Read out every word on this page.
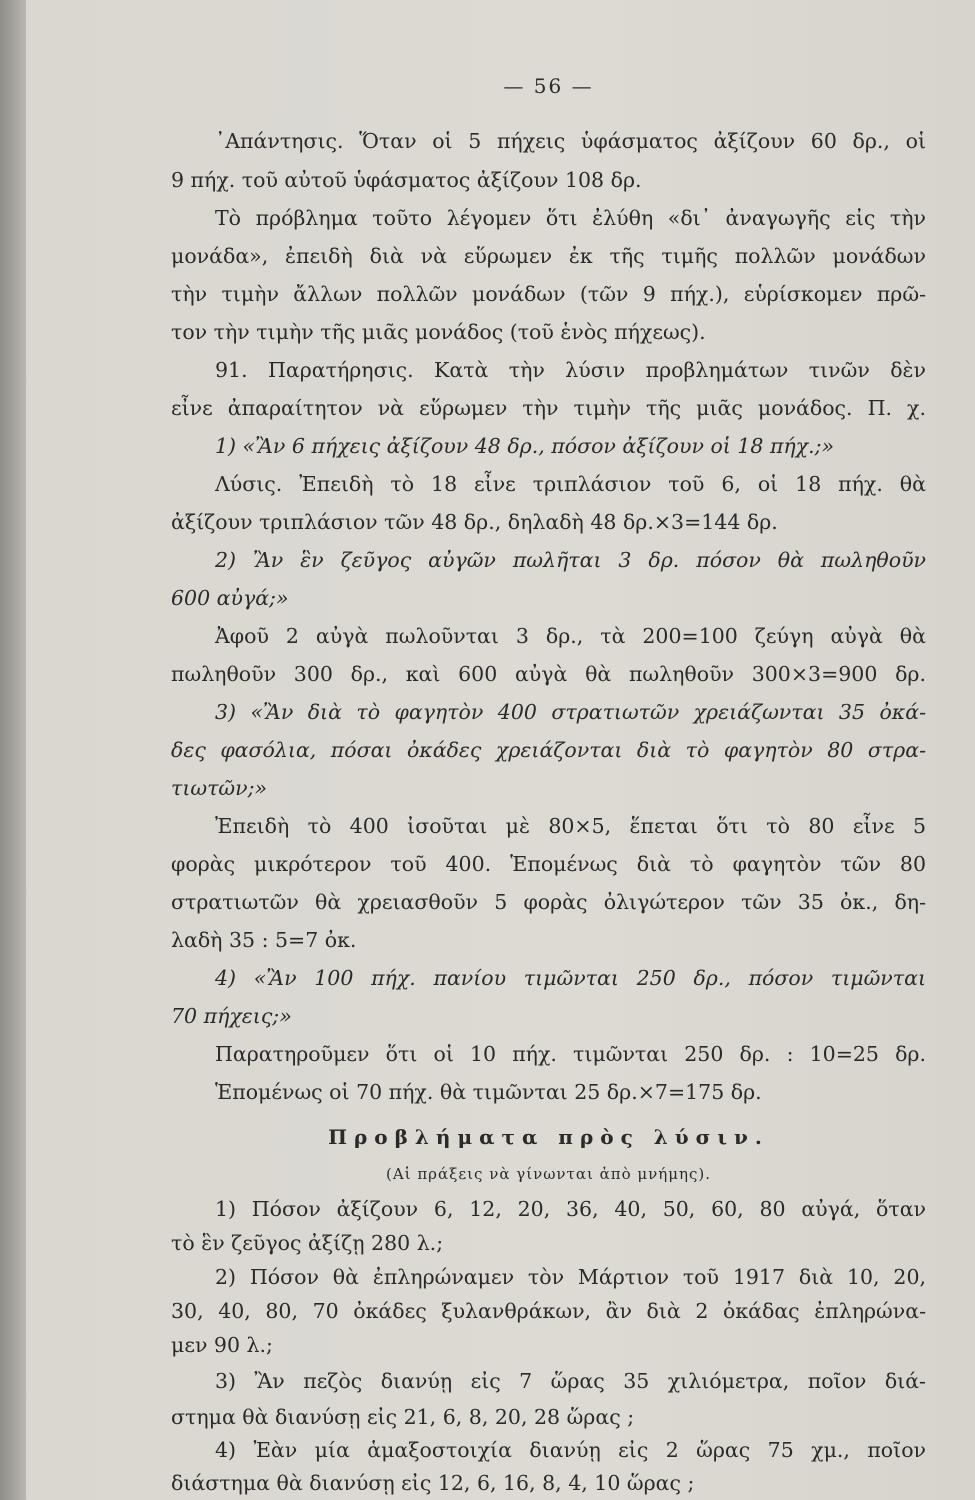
— 56 —
᾿Απάντησις. Ὅταν οἱ 5 πήχεις ὑφάσματος ἀξίζουν 60 δρ., οἱ
9 πήχ. τοῦ αὐτοῦ ὑφάσματος ἀξίζουν 108 δρ.
Τὸ πρόβλημα τοῦτο λέγομεν ὅτι ἐλύθη «δι᾿ ἀναγωγῆς εἰς τὴν
μονάδα», ἐπειδὴ διὰ νὰ εὕρωμεν ἐκ τῆς τιμῆς πολλῶν μονάδων
τὴν τιμὴν ἄλλων πολλῶν μονάδων (τῶν 9 πήχ.), εὑρίσκομεν πρῶ-
τον τὴν τιμὴν τῆς μιᾶς μονάδος (τοῦ ἑνὸς πήχεως).
91. Παρατήρησις. Κατὰ τὴν λύσιν προβλημάτων τινῶν δὲν
εἶνε ἀπαραίτητον νὰ εὕρωμεν τὴν τιμὴν τῆς μιᾶς μονάδος. Π. χ.
1) «Ἂν 6 πήχεις ἀξίζουν 48 δρ., πόσον ἀξίζουν οἱ 18 πήχ.;»
Λύσις. Ἐπειδὴ τὸ 18 εἶνε τριπλάσιον τοῦ 6, οἱ 18 πήχ. θὰ
ἀξίζουν τριπλάσιον τῶν 48 δρ., δηλαδὴ 48 δρ.×3=144 δρ.
2) Ἂν ἓν ζεῦγος αὐγῶν πωλῆται 3 δρ. πόσον θὰ πωληθοῦν
600 αὐγά;»
Ἀφοῦ 2 αὐγὰ πωλοῦνται 3 δρ., τὰ 200=100 ζεύγη αὐγὰ θὰ
πωληθοῦν 300 δρ., καὶ 600 αὐγὰ θὰ πωληθοῦν 300×3=900 δρ.
3) «Ἂν διὰ τὸ φαγητὸν 400 στρατιωτῶν χρειάζωνται 35 ὀκά-
δες φασόλια, πόσαι ὀκάδες χρειάζονται διὰ τὸ φαγητὸν 80 στρα-
τιωτῶν;»
Ἐπειδὴ τὸ 400 ἰσοῦται μὲ 80×5, ἕπεται ὅτι τὸ 80 εἶνε 5
φορὰς μικρότερον τοῦ 400. Ἑπομένως διὰ τὸ φαγητὸν τῶν 80
στρατιωτῶν θὰ χρειασθοῦν 5 φορὰς ὀλιγώτερον τῶν 35 ὀκ., δη-
λαδὴ 35 : 5=7 ὀκ.
4) «Ἂν 100 πήχ. πανίου τιμῶνται 250 δρ., πόσον τιμῶνται
70 πήχεις;»
Παρατηροῦμεν ὅτι οἱ 10 πήχ. τιμῶνται 250 δρ. : 10=25 δρ.
Ἑπομένως οἱ 70 πήχ. θὰ τιμῶνται 25 δρ.×7=175 δρ.
Προβλήματα πρὸς λύσιν.
(Αἱ πράξεις νὰ γίνωνται ἀπὸ μνήμης).
1) Πόσον ἀξίζουν 6, 12, 20, 36, 40, 50, 60, 80 αὐγά, ὅταν
τὸ ἓν ζεῦγος ἀξίζῃ 280 λ.;
2) Πόσον θὰ ἐπληρώναμεν τὸν Μάρτιον τοῦ 1917 διὰ 10, 20,
30, 40, 80, 70 ὀκάδες ξυλανθράκων, ἂν διὰ 2 ὀκάδας ἐπληρώνα-
μεν 90 λ.;
3) Ἂν πεζὸς διανύῃ εἰς 7 ὥρας 35 χιλιόμετρα, ποῖον διά-
στημα θὰ διανύσῃ εἰς 21, 6, 8, 20, 28 ὥρας ;
4) Ἐὰν μία ἁμαξοστοιχία διανύῃ εἰς 2 ὥρας 75 χμ., ποῖον
διάστημα θὰ διανύσῃ εἰς 12, 6, 16, 8, 4, 10 ὥρας ;
